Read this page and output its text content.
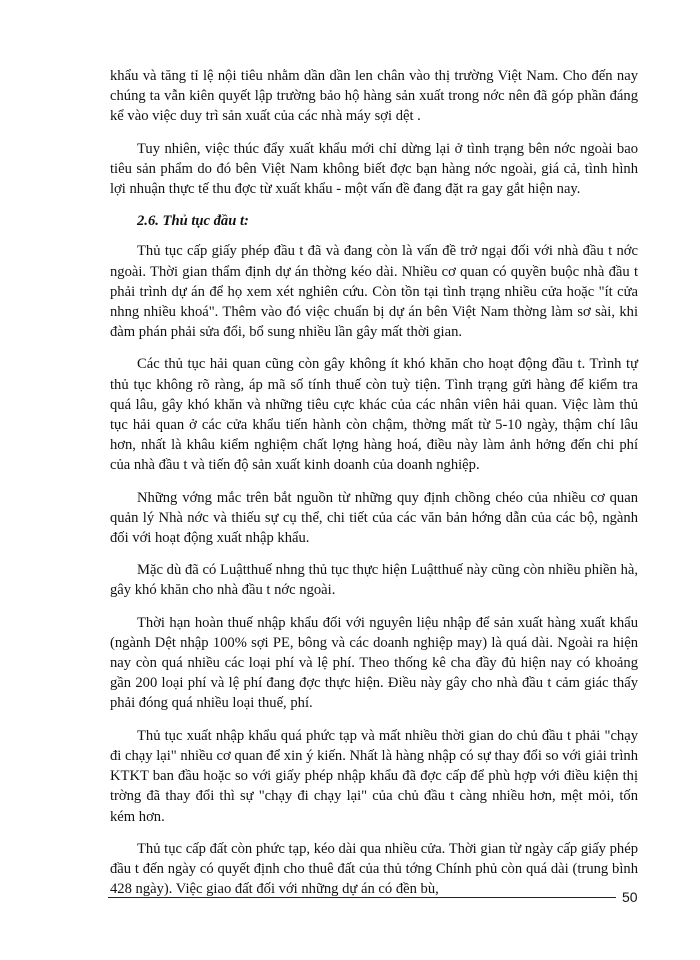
khẩu và tăng tỉ lệ nội tiêu nhằm dần dần len chân vào thị trường Việt Nam. Cho đến nay chúng ta vẫn kiên quyết lập trường bảo hộ hàng sản xuất trong nớc nên đã góp phần đáng kể vào việc duy trì sản xuất của các nhà máy sợi dệt .

Tuy nhiên, việc thúc đẩy xuất khẩu mới chỉ dừng lại ở tình trạng bên nớc ngoài bao tiêu sản phẩm do đó bên Việt Nam không biết đợc bạn hàng nớc ngoài, giá cả, tình hình lợi nhuận thực tế thu đợc từ xuất khẩu - một vấn đề đang đặt ra gay gắt hiện nay.

2.6. Thủ tục đầu t:

Thủ tục cấp giấy phép đầu t đã và đang còn là vấn đề trở ngại đối với nhà đầu t nớc ngoài. Thời gian thẩm định dự án thờng kéo dài. Nhiều cơ quan có quyền buộc nhà đầu t phải trình dự án để họ xem xét nghiên cứu. Còn tồn tại tình trạng nhiều cửa hoặc "ít cửa nhng nhiều khoá". Thêm vào đó việc chuẩn bị dự án bên Việt Nam thờng làm sơ sài, khi đàm phán phải sửa đổi, bổ sung nhiều lần gây mất thời gian.

Các thủ tục hải quan cũng còn gây không ít khó khăn cho hoạt động đầu t. Trình tự thủ tục không rõ ràng, áp mã số tính thuế còn tuỳ tiện. Tình trạng gửi hàng để kiểm tra quá lâu, gây khó khăn và những tiêu cực khác của các nhân viên hải quan. Việc làm thủ tục hải quan ở các cửa khẩu tiến hành còn chậm, thờng mất từ 5-10 ngày, thậm chí lâu hơn, nhất là khâu kiểm nghiệm chất lợng hàng hoá, điều này làm ảnh hởng đến chi phí của nhà đầu t và tiến độ sản xuất kinh doanh của doanh nghiệp.

Những vớng mắc trên bắt nguồn từ những quy định chồng chéo của nhiều cơ quan quản lý Nhà nớc và thiếu sự cụ thể, chi tiết của các văn bản hớng dẫn của các bộ, ngành đối với hoạt động xuất nhập khẩu.

Mặc dù đã có Luậtthuế nhng thủ tục thực hiện Luậtthuế này cũng còn nhiều phiền hà, gây khó khăn cho nhà đầu t nớc ngoài.

Thời hạn hoàn thuế nhập khẩu đối với nguyên liệu nhập để sản xuất hàng xuất khẩu (ngành Dệt nhập 100% sợi PE, bông và các doanh nghiệp may) là quá dài. Ngoài ra hiện nay còn quá nhiều các loại phí và lệ phí. Theo thống kê cha đầy đủ hiện nay có khoảng gần 200 loại phí và lệ phí đang đợc thực hiện. Điều này gây cho nhà đầu t cảm giác thấy phải đóng quá nhiều loại thuế, phí.

Thủ tục xuất nhập khẩu quá phức tạp và mất nhiều thời gian do chủ đầu t phải "chạy đi chạy lại" nhiều cơ quan để xin ý kiến. Nhất là hàng nhập có sự thay đổi so với giải trình KTKT ban đầu hoặc so với giấy phép nhập khẩu đã đợc cấp để phù hợp với điều kiện thị trờng đã thay đổi thì sự "chạy đi chạy lại" của chủ đầu t càng nhiều hơn, mệt mỏi, tốn kém hơn.

Thủ tục cấp đất còn phức tạp, kéo dài qua nhiều cửa. Thời gian từ ngày cấp giấy phép đầu t đến ngày có quyết định cho thuê đất của thủ tớng Chính phủ còn quá dài (trung bình 428 ngày). Việc giao đất đối với những dự án có đền bù,	50
